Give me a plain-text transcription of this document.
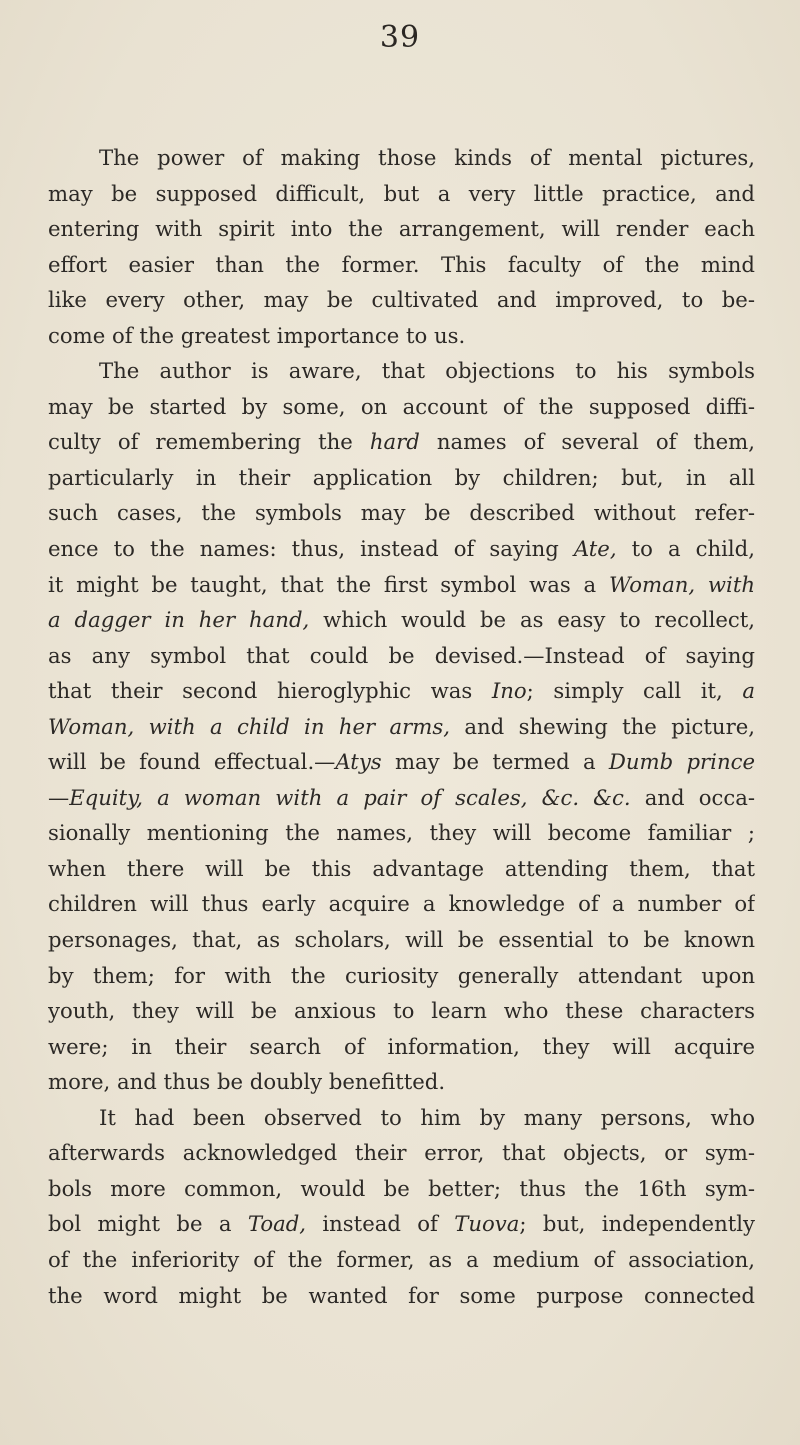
39
The power of making those kinds of mental pictures,
may be supposed difficult, but a very little practice, and
entering with spirit into the arrangement, will render each
effort easier than the former. This faculty of the mind
like every other, may be cultivated and improved, to be-
come of the greatest importance to us.
The author is aware, that objections to his symbols
may be started by some, on account of the supposed diffi-
culty of remembering the hard names of several of them,
particularly in their application by children; but, in all
such cases, the symbols may be described without refer-
ence to the names: thus, instead of saying Ate, to a child,
it might be taught, that the first symbol was a Woman, with
a dagger in her hand, which would be as easy to recollect,
as any symbol that could be devised.—Instead of saying
that their second hieroglyphic was Ino; simply call it, a
Woman, with a child in her arms, and shewing the picture,
will be found effectual.—Atys may be termed a Dumb prince
—Equity, a woman with a pair of scales, &c. &c. and occa-
sionally mentioning the names, they will become familiar ;
when there will be this advantage attending them, that
children will thus early acquire a knowledge of a number of
personages, that, as scholars, will be essential to be known
by them; for with the curiosity generally attendant upon
youth, they will be anxious to learn who these characters
were; in their search of information, they will acquire
more, and thus be doubly benefitted.
It had been observed to him by many persons, who
afterwards acknowledged their error, that objects, or sym-
bols more common, would be better; thus the 16th sym-
bol might be a Toad, instead of Tuova; but, independently
of the inferiority of the former, as a medium of association,
the word might be wanted for some purpose connected
